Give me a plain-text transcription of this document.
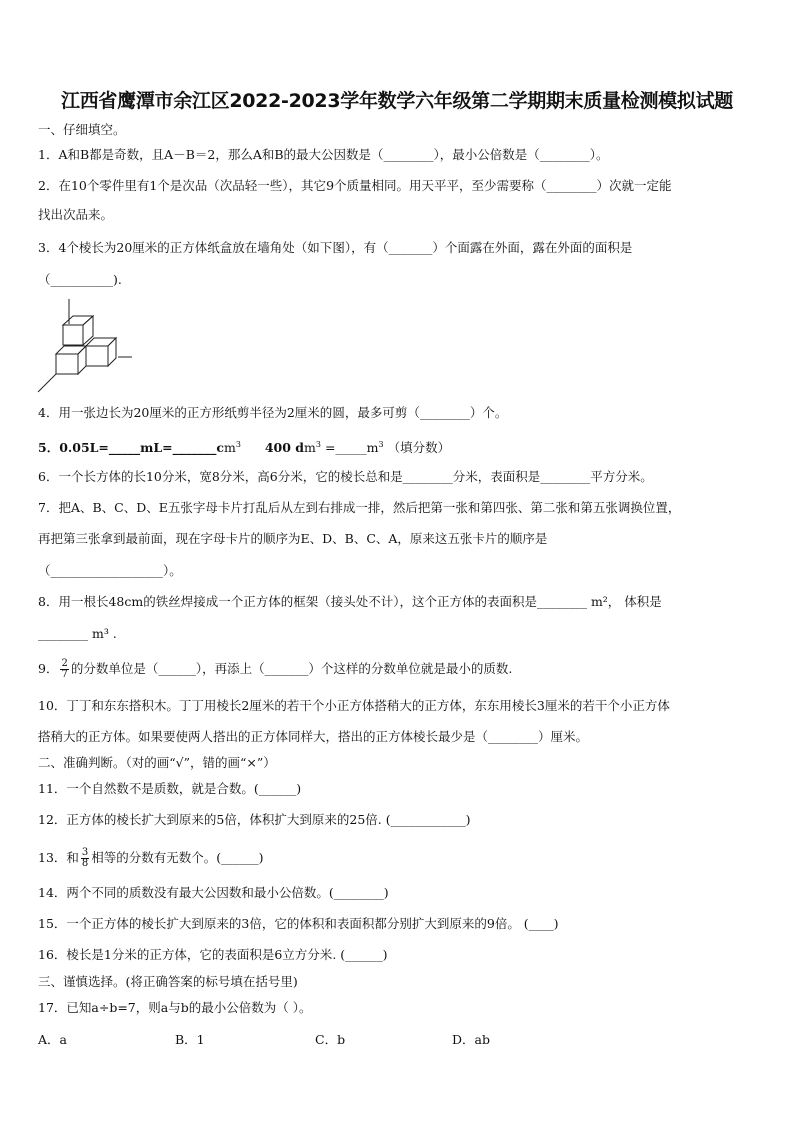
江西省鹰潭市余江区2022-2023学年数学六年级第二学期期末质量检测模拟试题
一、仔细填空。
1．A和B都是奇数，且A－B＝2，那么A和B的最大公因数是（________），最小公倍数是（________）。
2．在10个零件里有1个是次品（次品轻一些），其它9个质量相同。用天平平，至少需要称（________）次就一定能
找出次品来。
3．4个棱长为20厘米的正方体纸盒放在墙角处（如下图），有（_______）个面露在外面，露在外面的面积是
（__________).
4．用一张边长为20厘米的正方形纸剪半径为2厘米的圆，最多可剪（________）个。
5．$0.05L=\_\_\_\_\_mL=\_\_\_\_\_\_\_cm^3$ 400 $dm^3$ $=\_\_\_\_\_m^3$ （填分数）
6．一个长方体的长10分米，宽8分米，高6分米，它的棱长总和是________分米，表面积是________平方分米。
7．把A、B、C、D、E五张字母卡片打乱后从左到右排成一排，然后把第一张和第四张、第二张和第五张调换位置，
再把第三张拿到最前面，现在字母卡片的顺序为E、D、B、C、A，原来这五张卡片的顺序是
（__________________）。
8．用一根长48cm的铁丝焊接成一个正方体的框架（接头处不计），这个正方体的表面积是________ m²， 体积是
________ m³ .
9． $\frac{2}{7}$ 的分数单位是（______），再添上（_______）个这样的分数单位就是最小的质数.
10．丁丁和东东搭积木。丁丁用棱长2厘米的若干个小正方体搭稍大的正方体，东东用棱长3厘米的若干个小正方体
搭稍大的正方体。如果要使两人搭出的正方体同样大，搭出的正方体棱长最少是（________）厘米。
二、准确判断。（对的画“√”，错的画“×”）
11．一个自然数不是质数，就是合数。(______)
12．正方体的棱长扩大到原来的5倍，体积扩大到原来的25倍. (____________)
13．和 $\frac{3}{8}$ 相等的分数有无数个。(______)
14．两个不同的质数没有最大公因数和最小公倍数。(________)
15．一个正方体的棱长扩大到原来的3倍，它的体积和表面积都分别扩大到原来的9倍。 (____)
16．棱长是1分米的正方体，它的表面积是6立方分米. (______)
三、谨慎选择。(将正确答案的标号填在括号里)
17．已知a÷b=7，则a与b的最小公倍数为（ ）。
A．a	B．1	C．b	D．ab
